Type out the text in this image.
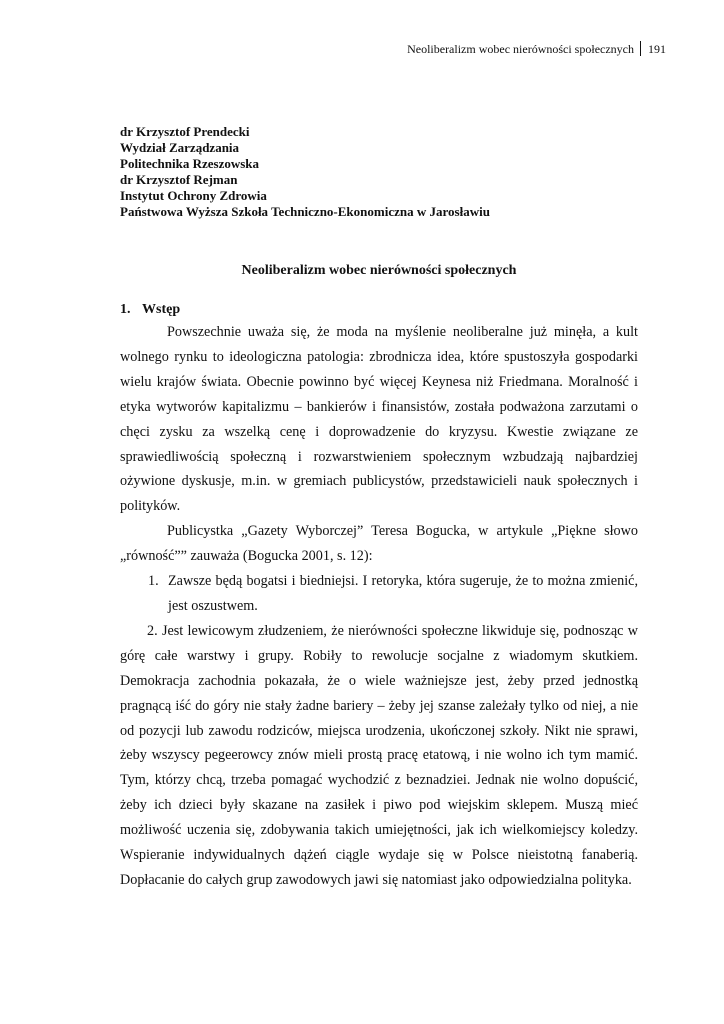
Neoliberalizm wobec nierówności społecznych 191
dr Krzysztof Prendecki
Wydział Zarządzania
Politechnika Rzeszowska
dr Krzysztof Rejman
Instytut Ochrony Zdrowia
Państwowa Wyższa Szkoła Techniczno-Ekonomiczna w Jarosławiu
Neoliberalizm wobec nierówności społecznych
1. Wstęp

Powszechnie uważa się, że moda na myślenie neoliberalne już minęła, a kult wolnego rynku to ideologiczna patologia: zbrodnicza idea, które spustoszyła gospodarki wielu krajów świata. Obecnie powinno być więcej Keynesa niż Friedmana. Moralność i etyka wytworów kapitalizmu – bankierów i finansistów, została podważona zarzutami o chęci zysku za wszelką cenę i doprowadzenie do kryzysu. Kwestie związane ze sprawiedliwością społeczną i rozwarstwieniem społecznym wzbudzają najbardziej ożywione dyskusje, m.in. w gremiach publicystów, przedstawicieli nauk społecznych i polityków.

Publicystka „Gazety Wyborczej” Teresa Bogucka, w artykule „Piękne słowo „równość”” zauważa (Bogucka 2001, s. 12):

1. Zawsze będą bogatsi i biedniejsi. I retoryka, która sugeruje, że to można zmienić, jest oszustwem.

2. Jest lewicowym złudzeniem, że nierówności społeczne likwiduje się, podnosząc w górę całe warstwy i grupy. Robiły to rewolucje socjalne z wiadomym skutkiem. Demokracja zachodnia pokazała, że o wiele ważniejsze jest, żeby przed jednostką pragnącą iść do góry nie stały żadne bariery – żeby jej szanse zależały tylko od niej, a nie od pozycji lub zawodu rodziców, miejsca urodzenia, ukończonej szkoły. Nikt nie sprawi, żeby wszyscy pegeerowcy znów mieli prostą pracę etatową, i nie wolno ich tym mamić. Tym, którzy chcą, trzeba pomagać wychodzić z beznadziei. Jednak nie wolno dopuścić, żeby ich dzieci były skazane na zasiłek i piwo pod wiejskim sklepem. Muszą mieć możliwość uczenia się, zdobywania takich umiejętności, jak ich wielkomiejscy koledzy. Wspieranie indywidualnych dążeń ciągle wydaje się w Polsce nieistotną fanaberią. Dopłacanie do całych grup zawodowych jawi się natomiast jako odpowiedzialna polityka.
